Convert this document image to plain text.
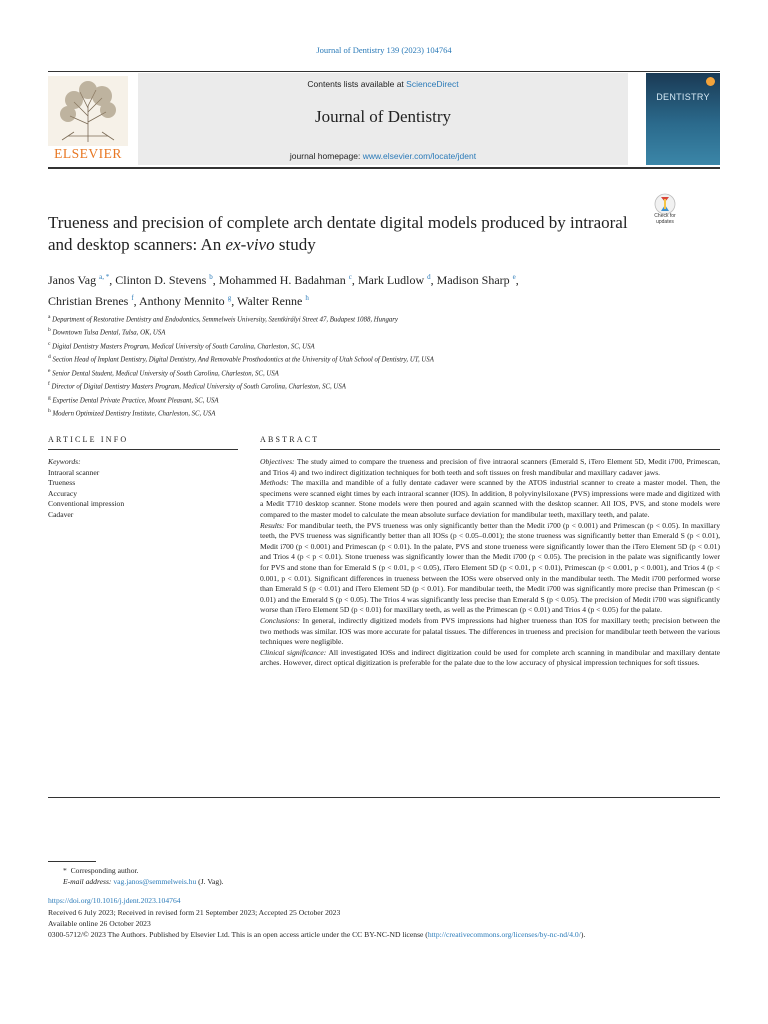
Journal of Dentistry 139 (2023) 104764
ELSEVIER
Contents lists available at ScienceDirect
Journal of Dentistry
journal homepage: www.elsevier.com/locate/jdent
DENTISTRY
Check for
updates
Trueness and precision of complete arch dentate digital models produced by intraoral and desktop scanners: An ex-vivo study
Janos Vag $^{a, *}$, Clinton D. Stevens $^b$, Mohammed H. Badahman $^c$, Mark Ludlow $^d$, Madison Sharp $^e$,
Christian Brenes $^f$, Anthony Mennito $^g$, Walter Renne $^h$
$^a$ Department of Restorative Dentistry and Endodontics, Semmelweis University, Szentkirályi Street 47, Budapest 1088, Hungary
$^b$ Downtown Tulsa Dental, Tulsa, OK, USA
$^c$ Digital Dentistry Masters Program, Medical University of South Carolina, Charleston, SC, USA
$^d$ Section Head of Implant Dentistry, Digital Dentistry, And Removable Prosthodontics at the University of Utah School of Dentistry, UT, USA
$^e$ Senior Dental Student, Medical University of South Carolina, Charleston, SC, USA
$^f$ Director of Digital Dentistry Masters Program, Medical University of South Carolina, Charleston, SC, USA
$^g$ Expertise Dental Private Practice, Mount Pleasant, SC, USA
$^h$ Modern Optimized Dentistry Institute, Charleston, SC, USA
ARTICLE INFO	ABSTRACT
Keywords:
Intraoral scanner
Trueness
Accuracy
Conventional impression
Cadaver

Objectives: The study aimed to compare the trueness and precision of five intraoral scanners (Emerald S, iTero Element 5D, Medit i700, Primescan, and Trios 4) and two indirect digitization techniques for both teeth and soft tissues on fresh mandibular and maxillary cadaver jaws.

Methods: The maxilla and mandible of a fully dentate cadaver were scanned by the ATOS industrial scanner to create a master model. Then, the specimens were scanned eight times by each intraoral scanner (IOS). In addition, 8 polyvinylsiloxane (PVS) impressions were made and digitized with a Medit T710 desktop scanner. Stone models were then poured and again scanned with the desktop scanner. All IOS, PVS, and stone models were compared to the master model to calculate the mean absolute surface deviation for mandibular teeth, maxillary teeth, and palate.

Results: For mandibular teeth, the PVS trueness was only significantly better than the Medit i700 (p < 0.001) and Primescan (p < 0.05). In maxillary teeth, the PVS trueness was significantly better than all IOSs (p < 0.05–0.001); the stone trueness was significantly better than Emerald S (p < 0.01), Medit i700 (p < 0.001) and Primescan (p < 0.01). In the palate, PVS and stone trueness were significantly lower than the iTero Element 5D (p < 0.01) and Trios 4 (p < p < 0.01). Stone trueness was significantly lower than the Medit i700 (p < 0.05). The precision in the palate was significantly lower for PVS and stone than for Emerald S (p < 0.01, p < 0.05), iTero Element 5D (p < 0.01, p < 0.01), Primescan (p < 0.001, p < 0.001), and Trios 4 (p < 0.001, p < 0.01). Significant differences in trueness between the IOSs were observed only in the mandibular teeth. The Medit i700 performed worse than Emerald S (p < 0.01) and iTero Element 5D (p < 0.01). For mandibular teeth, the Medit i700 was significantly more precise than Primescan (p < 0.01) and the Emerald S (p < 0.05). The Trios 4 was significantly less precise than Emerald S (p < 0.05). The precision of Medit i700 was significantly worse than iTero Element 5D (p < 0.01) for maxillary teeth, as well as the Primescan (p < 0.01) and Trios 4 (p < 0.05) for the palate.

Conclusions: In general, indirectly digitized models from PVS impressions had higher trueness than IOS for maxillary teeth; precision between the two methods was similar. IOS was more accurate for palatal tissues. The differences in trueness and precision for mandibular teeth between the various techniques were negligible.

Clinical significance: All investigated IOSs and indirect digitization could be used for complete arch scanning in mandibular and maxillary dentate arches. However, direct optical digitization is preferable for the palate due to the low accuracy of physical impression techniques for soft tissues.

* Corresponding author.
E-mail address: vag.janos@semmelweis.hu (J. Vag).
https://doi.org/10.1016/j.jdent.2023.104764
Received 6 July 2023; Received in revised form 21 September 2023; Accepted 25 October 2023
Available online 26 October 2023
0300-5712/© 2023 The Authors. Published by Elsevier Ltd. This is an open access article under the CC BY-NC-ND license (http://creativecommons.org/licenses/by-nc-nd/4.0/).
